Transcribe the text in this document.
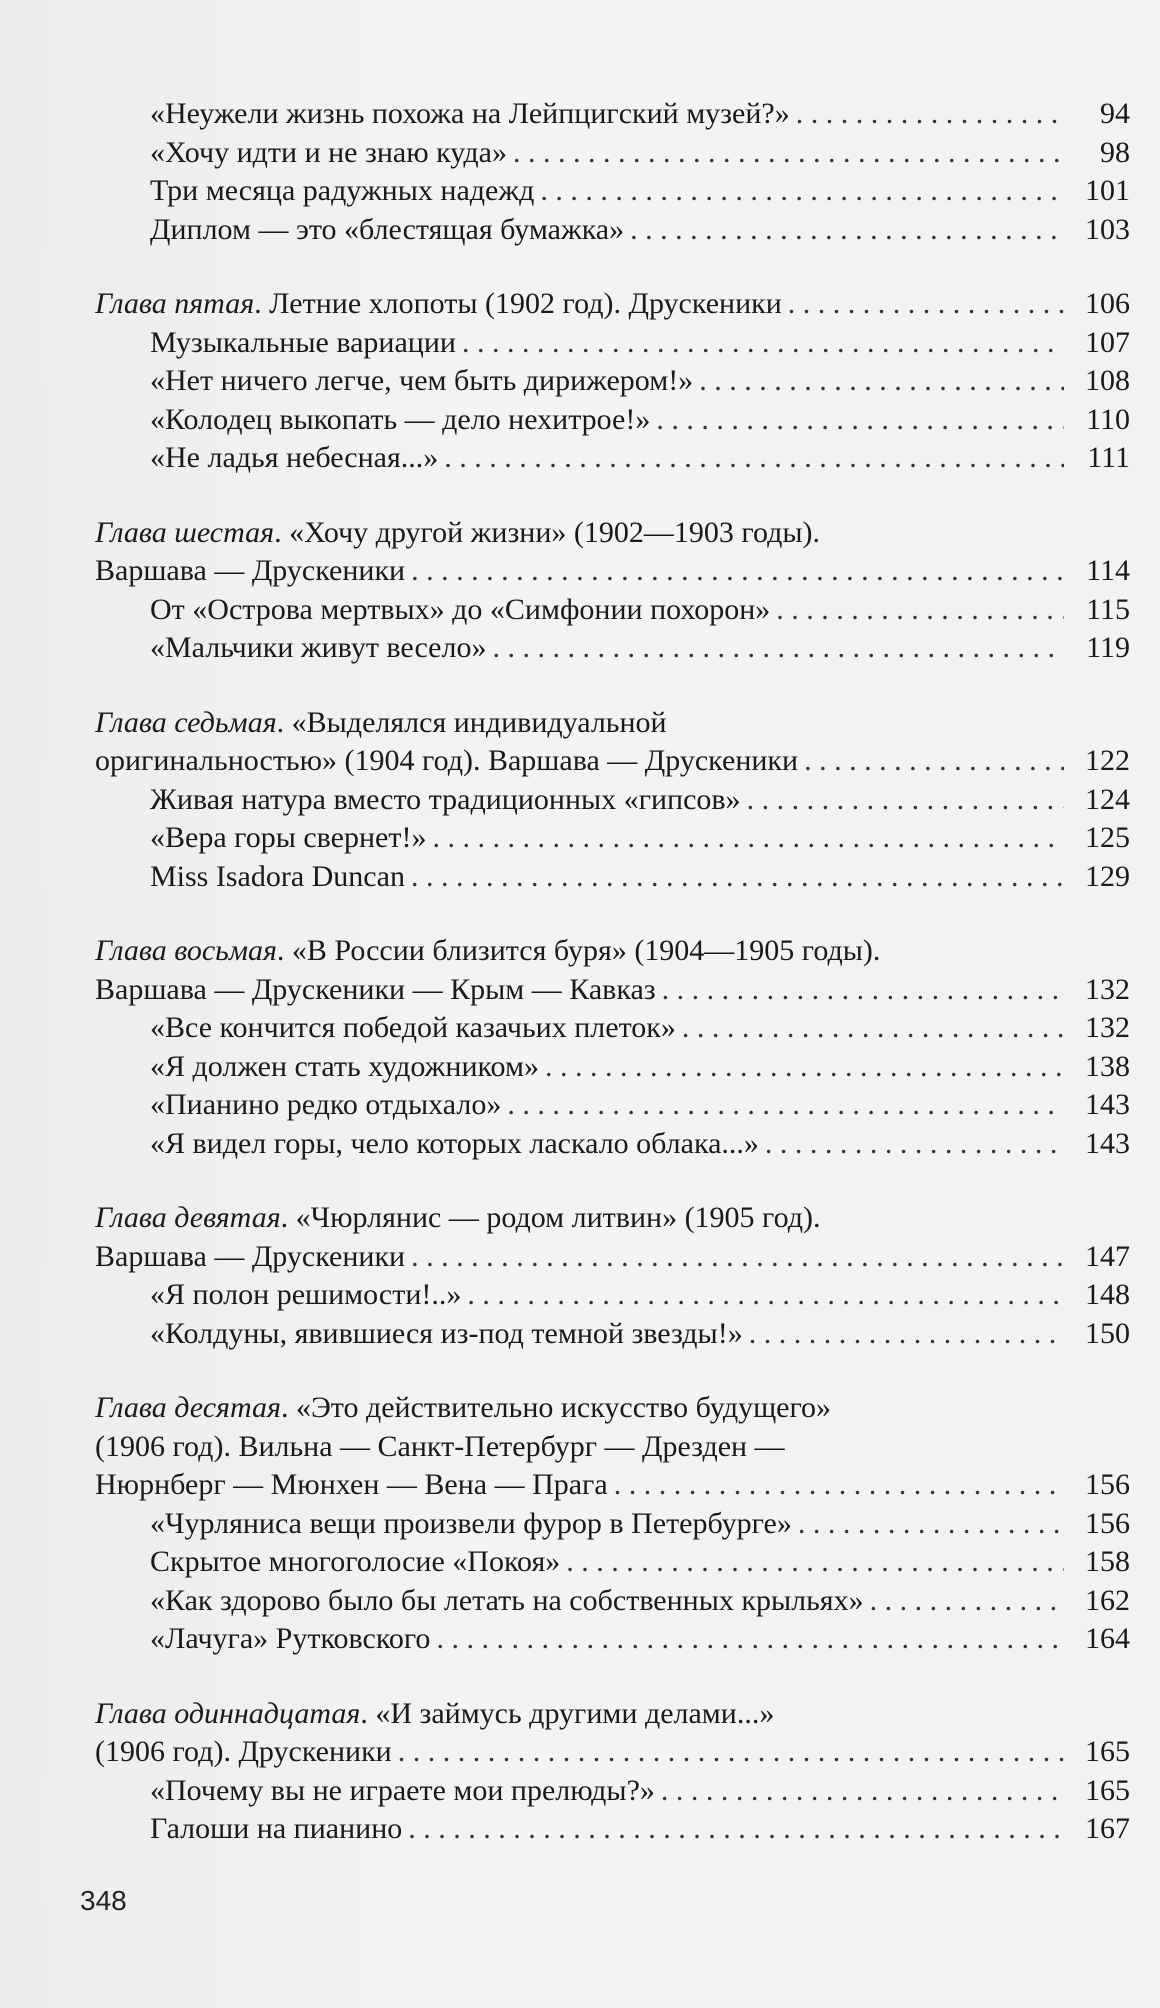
«Неужели жизнь похожа на Лейпцигский музей?» . . .	94
«Хочу идти и не знаю куда» . . .	98
Три месяца радужных надежд . . .	101
Диплом — это «блестящая бумажка» . . .	103
Глава пятая. Летние хлопоты (1902 год). Друскеники . . .	106
Музыкальные вариации . . .	107
«Нет ничего легче, чем быть дирижером!» . . .	108
«Колодец выкопать — дело нехитрое!» . . .	110
«Не ладья небесная...» . . .	111
Глава шестая. «Хочу другой жизни» (1902—1903 годы).
Варшава — Друскеники . . .	114
От «Острова мертвых» до «Симфонии похорон» . . .	115
«Мальчики живут весело» . . .	119
Глава седьмая. «Выделялся индивидуальной
оригинальностью» (1904 год). Варшава — Друскеники . . .	122
Живая натура вместо традиционных «гипсов» . . .	124
«Вера горы свернет!» . . .	125
Miss Isadora Duncan . . .	129
Глава восьмая. «В России близится буря» (1904—1905 годы).
Варшава — Друскеники — Крым — Кавказ . . .	132
«Все кончится победой казачьих плеток» . . .	132
«Я должен стать художником» . . .	138
«Пианино редко отдыхало» . . .	143
«Я видел горы, чело которых ласкало облака...» . . .	143
Глава девятая. «Чюрлянис — родом литвин» (1905 год).
Варшава — Друскеники . . .	147
«Я полон решимости!..» . . .	148
«Колдуны, явившиеся из-под темной звезды!» . . .	150
Глава десятая. «Это действительно искусство будущего»
(1906 год). Вильна — Санкт-Петербург — Дрезден —
Нюрнберг — Мюнхен — Вена — Прага . . .	156
«Чурляниса вещи произвели фурор в Петербурге» . . .	156
Скрытое многоголосие «Покоя» . . .	158
«Как здорово было бы летать на собственных крыльях» . . .	162
«Лачуга» Рутковского . . .	164
Глава одиннадцатая. «И займусь другими делами...»
(1906 год). Друскеники . . .	165
«Почему вы не играете мои прелюды?» . . .	165
Галоши на пианино . . .	167
348
